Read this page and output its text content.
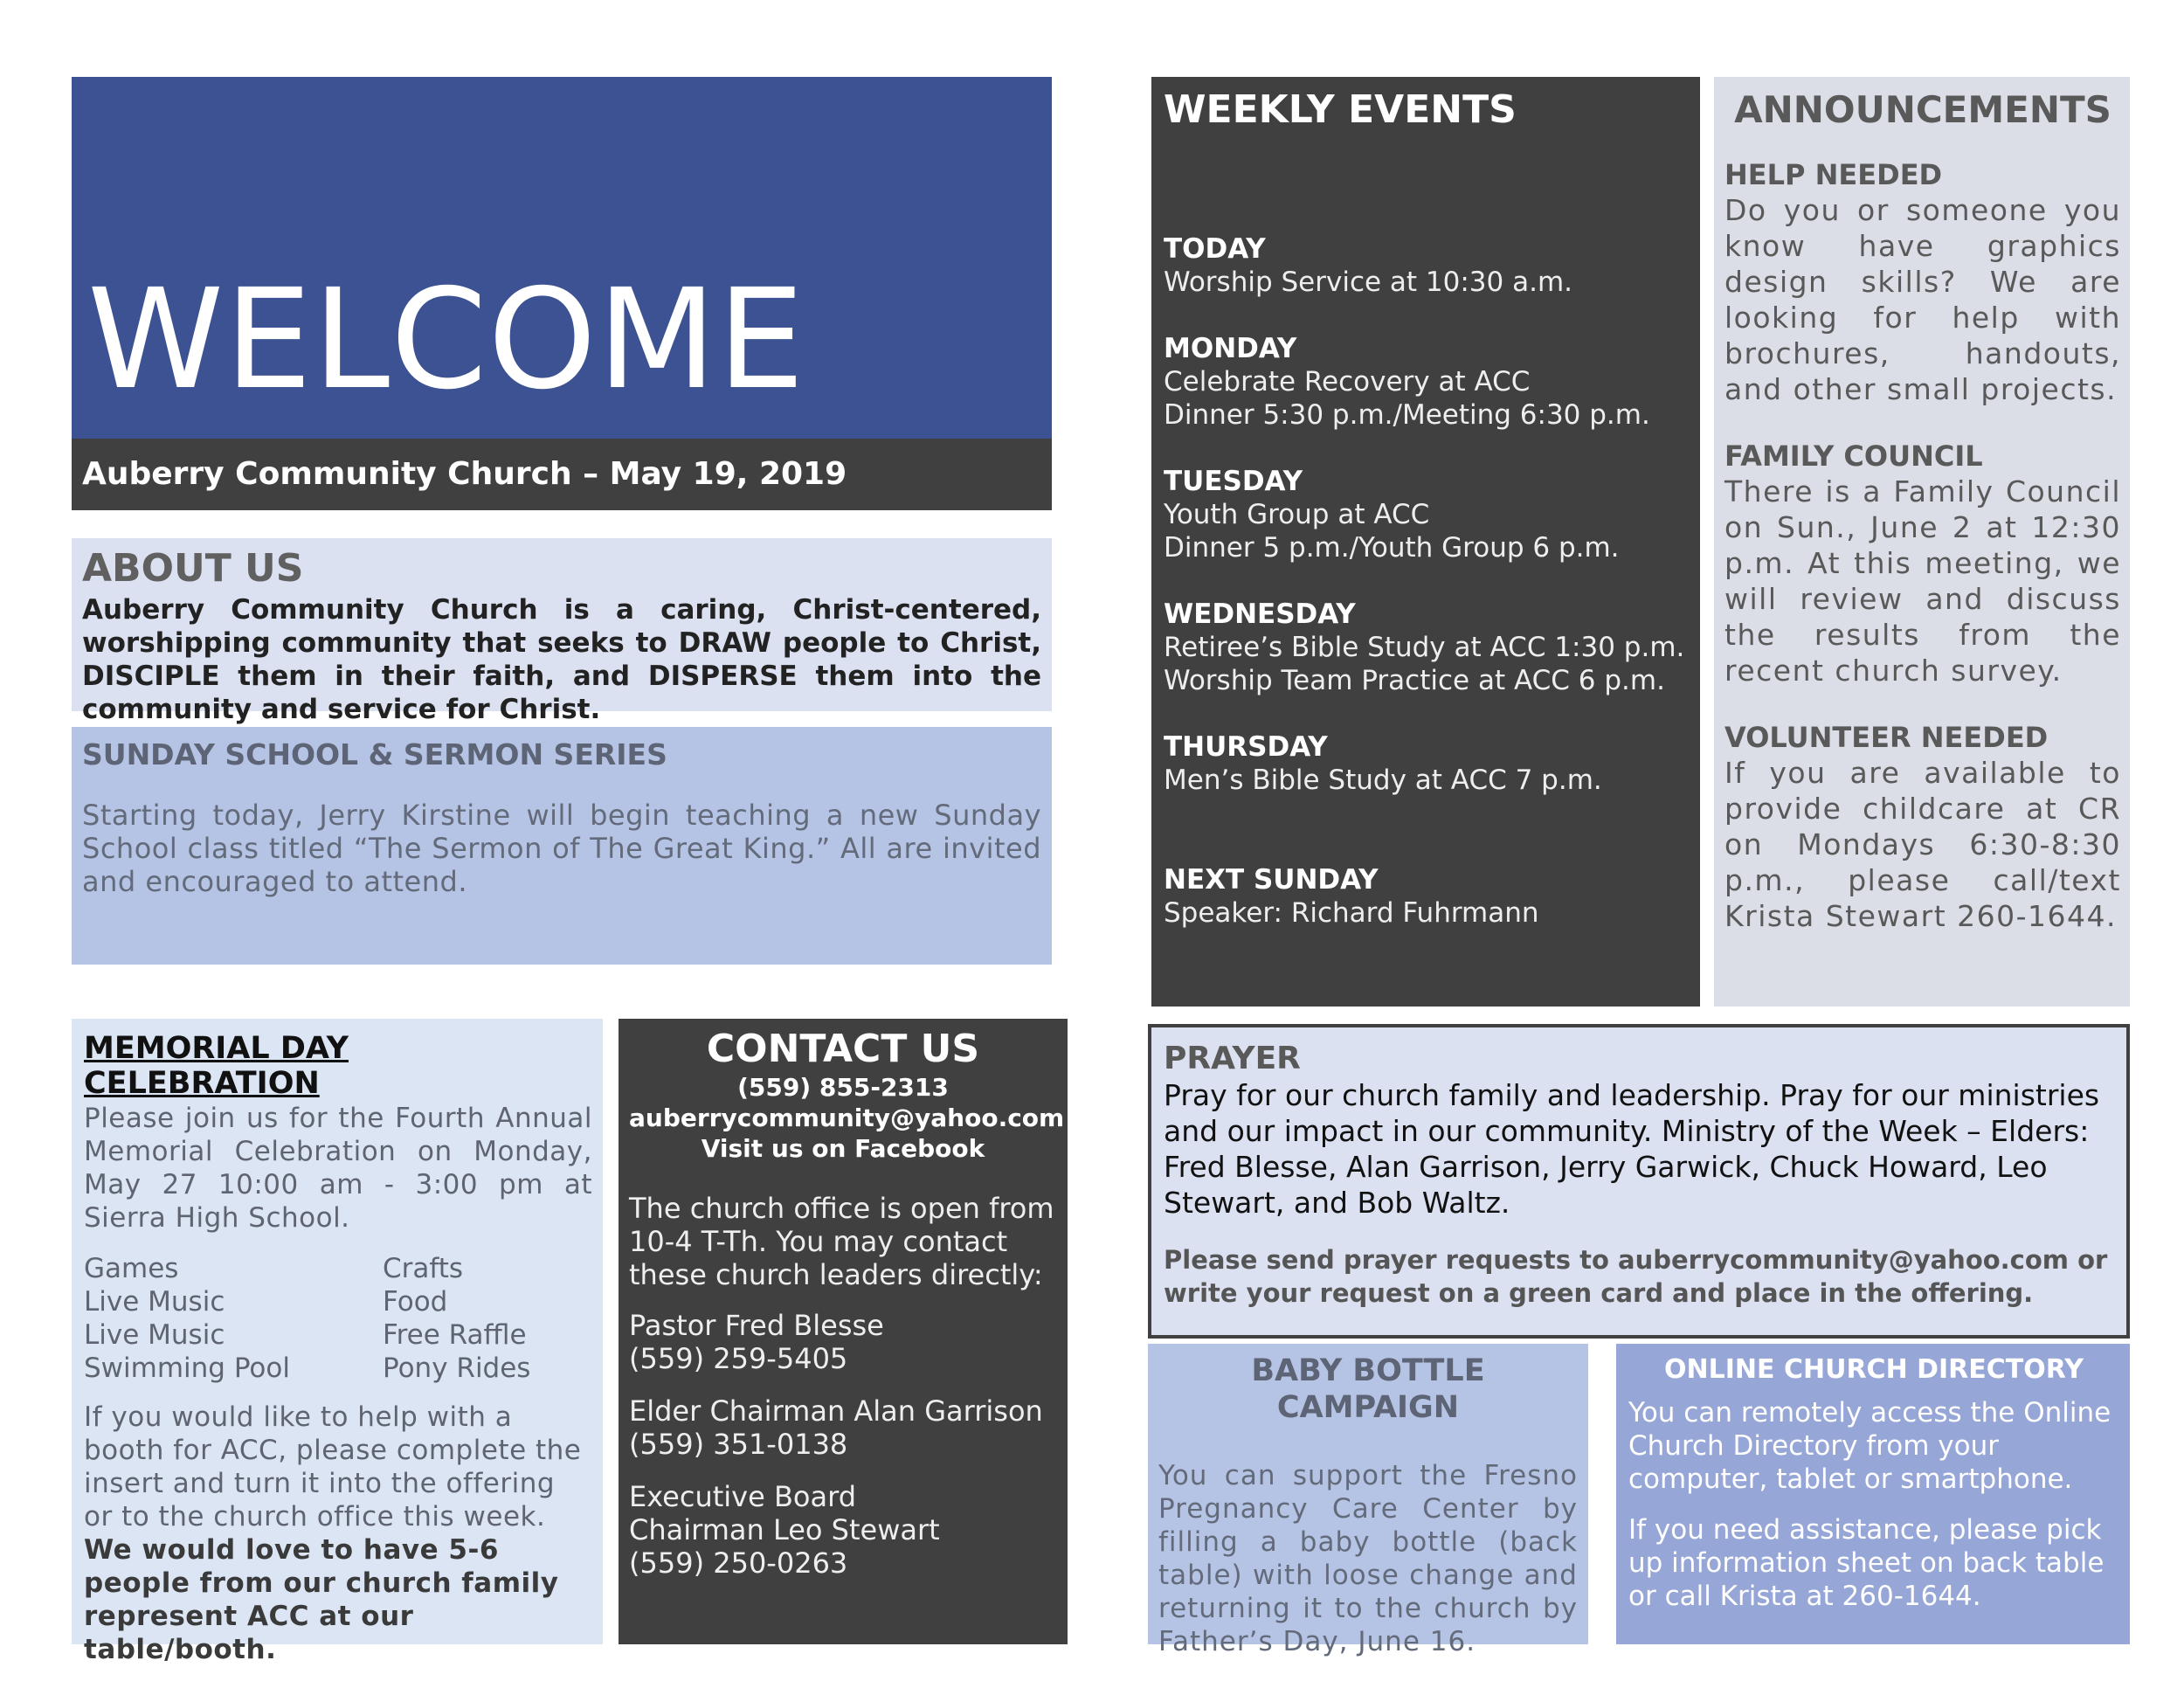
WELCOME
Auberry Community Church – May 19, 2019
ABOUT US
Auberry Community Church is a caring, Christ-centered, worshipping community that seeks to DRAW people to Christ, DISCIPLE them in their faith, and DISPERSE them into the community and service for Christ.
SUNDAY SCHOOL & SERMON SERIES
Starting today, Jerry Kirstine will begin teaching a new Sunday School class titled “The Sermon of The Great King.” All are invited and encouraged to attend.
WEEKLY EVENTS
TODAY
Worship Service at 10:30 a.m.
MONDAY
Celebrate Recovery at ACC
Dinner 5:30 p.m./Meeting 6:30 p.m.
TUESDAY
Youth Group at ACC
Dinner 5 p.m./Youth Group 6 p.m.
WEDNESDAY
Retiree’s Bible Study at ACC 1:30 p.m.
Worship Team Practice at ACC 6 p.m.
THURSDAY
Men’s Bible Study at ACC 7 p.m.
NEXT SUNDAY
Speaker: Richard Fuhrmann
ANNOUNCEMENTS
HELP NEEDED
Do you or someone you know have graphics design skills? We are looking for help with brochures, handouts, and other small projects.
FAMILY COUNCIL
There is a Family Council on Sun., June 2 at 12:30 p.m. At this meeting, we will review and discuss the results from the recent church survey.
VOLUNTEER NEEDED
If you are available to provide childcare at CR on Mondays 6:30-8:30 p.m., please call/text Krista Stewart 260-1644.
MEMORIAL DAY CELEBRATION
Please join us for the Fourth Annual Memorial Celebration on Monday, May 27 10:00 am - 3:00 pm at Sierra High School.
Games	Crafts
Live Music	Food
Live Music	Free Raffle
Swimming Pool	Pony Rides
If you would like to help with a booth for ACC, please complete the insert and turn it into the offering or to the church office this week. We would love to have 5-6 people from our church family represent ACC at our table/booth.
CONTACT US
(559) 855-2313
auberrycommunity@yahoo.com
Visit us on Facebook
The church office is open from 10-4 T-Th. You may contact these church leaders directly:
Pastor Fred Blesse
(559) 259-5405
Elder Chairman Alan Garrison
(559) 351-0138
Executive Board Chairman Leo Stewart
(559) 250-0263
PRAYER
Pray for our church family and leadership. Pray for our ministries and our impact in our community. Ministry of the Week – Elders: Fred Blesse, Alan Garrison, Jerry Garwick, Chuck Howard, Leo Stewart, and Bob Waltz.
Please send prayer requests to auberrycommunity@yahoo.com or write your request on a green card and place in the offering.
BABY BOTTLE CAMPAIGN
You can support the Fresno Pregnancy Care Center by filling a baby bottle (back table) with loose change and returning it to the church by Father’s Day, June 16.
ONLINE CHURCH DIRECTORY
You can remotely access the Online Church Directory from your computer, tablet or smartphone.
If you need assistance, please pick up information sheet on back table or call Krista at 260-1644.
